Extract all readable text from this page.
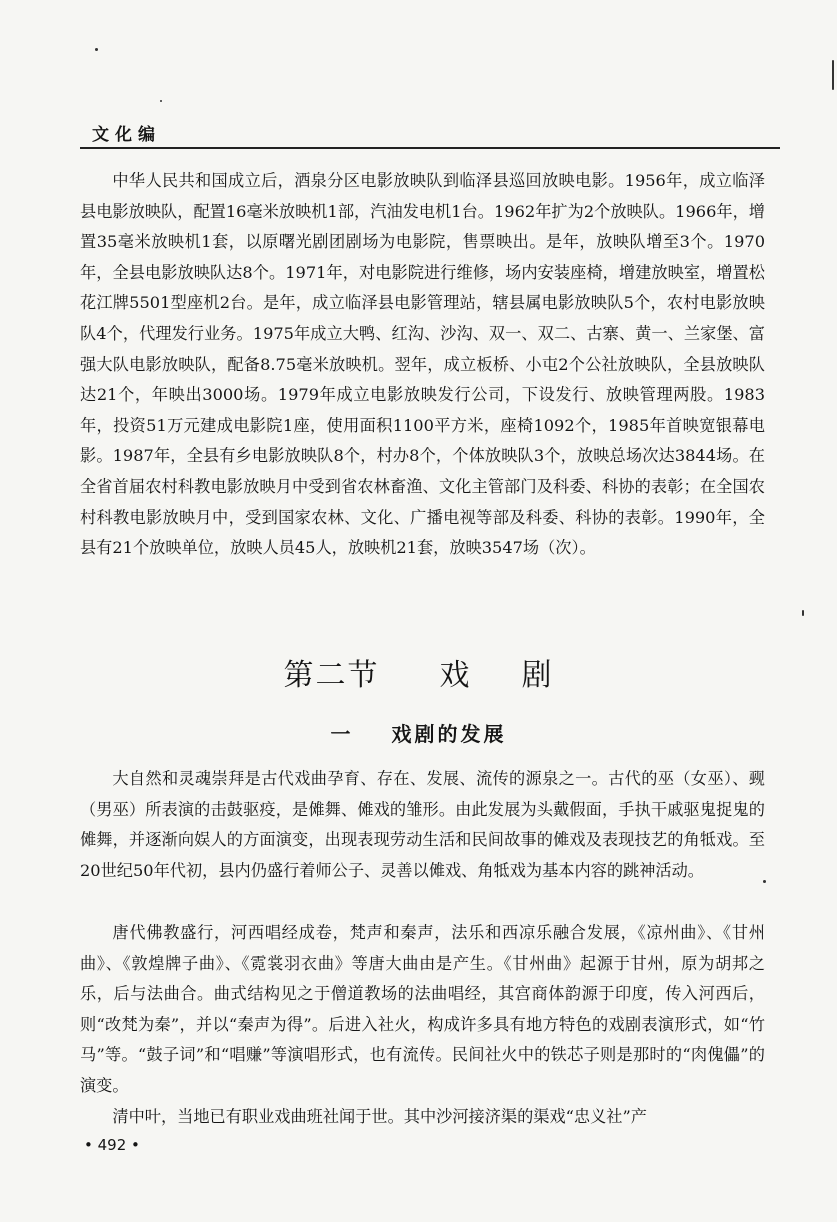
文化编

中华人民共和国成立后，酒泉分区电影放映队到临泽县巡回放映电影。1956年，成立临泽县电影放映队，配置16毫米放映机1部，汽油发电机1台。1962年扩为2个放映队。1966年，增置35毫米放映机1套，以原曙光剧团剧场为电影院，售票映出。是年，放映队增至3个。1970年，全县电影放映队达8个。1971年，对电影院进行维修，场内安装座椅，增建放映室，增置松花江牌5501型座机2台。是年，成立临泽县电影管理站，辖县属电影放映队5个，农村电影放映队4个，代理发行业务。1975年成立大鸭、红沟、沙沟、双一、双二、古寨、黄一、兰家堡、富强大队电影放映队，配备8.75毫米放映机。翌年，成立板桥、小屯2个公社放映队，全县放映队达21个，年映出3000场。1979年成立电影放映发行公司，下设发行、放映管理两股。1983年，投资51万元建成电影院1座，使用面积1100平方米，座椅1092个，1985年首映宽银幕电影。1987年，全县有乡电影放映队8个，村办8个，个体放映队3个，放映总场次达3844场。在全省首届农村科教电影放映月中受到省农林畜渔、文化主管部门及科委、科协的表彰；在全国农村科教电影放映月中，受到国家农林、文化、广播电视等部及科委、科协的表彰。1990年，全县有21个放映单位，放映人员45人，放映机21套，放映3547场（次）。

第二节 戏 剧
一 戏剧的发展

大自然和灵魂崇拜是古代戏曲孕育、存在、发展、流传的源泉之一。古代的巫（女巫）、觋（男巫）所表演的击鼓驱疫，是傩舞、傩戏的雏形。由此发展为头戴假面，手执干戚驱鬼捉鬼的傩舞，并逐渐向娱人的方面演变，出现表现劳动生活和民间故事的傩戏及表现技艺的角牴戏。至20世纪50年代初，县内仍盛行着师公子、灵善以傩戏、角牴戏为基本内容的跳神活动。

唐代佛教盛行，河西唱经成卷，梵声和秦声，法乐和西凉乐融合发展，《凉州曲》、《甘州曲》、《敦煌牌子曲》、《霓裳羽衣曲》等唐大曲由是产生。《甘州曲》起源于甘州，原为胡邦之乐，后与法曲合。曲式结构见之于僧道教场的法曲唱经，其宫商体韵源于印度，传入河西后，则“改梵为秦”，并以“秦声为得”。后进入社火，构成许多具有地方特色的戏剧表演形式，如“竹马”等。“鼓子词”和“唱赚”等演唱形式，也有流传。民间社火中的铁芯子则是那时的“肉傀儡”的演变。

清中叶，当地已有职业戏曲班社闻于世。其中沙河接济渠的渠戏“忠义社”产

• 492 •
